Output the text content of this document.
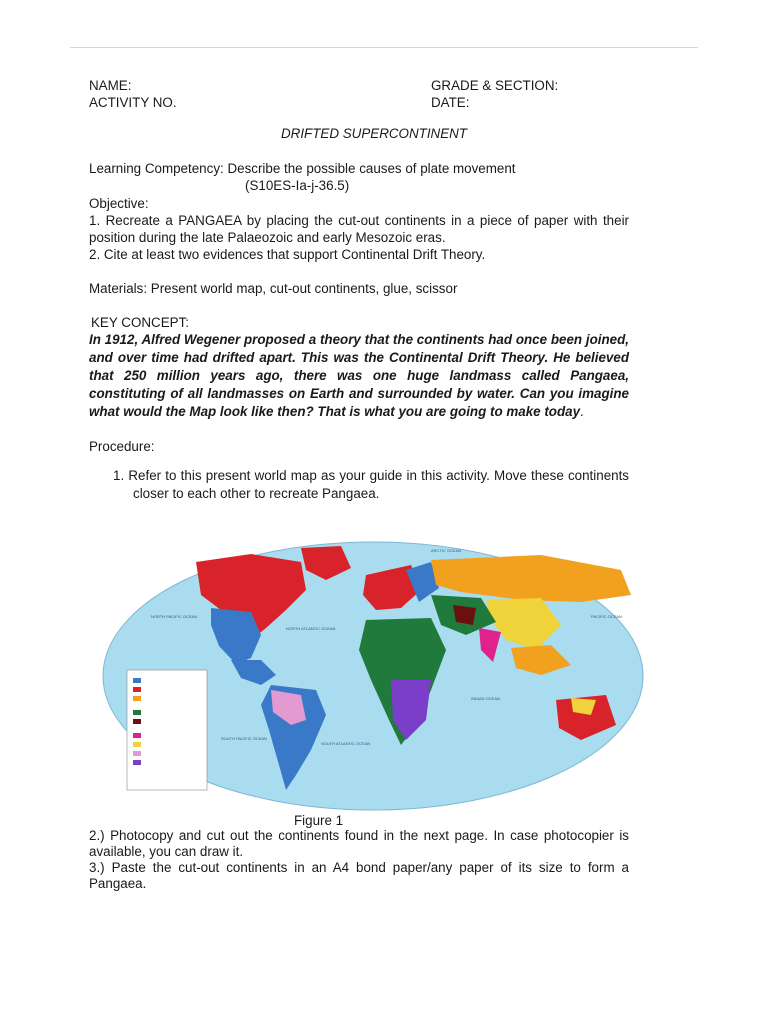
NAME:
ACTIVITY NO.
GRADE & SECTION:
DATE:
DRIFTED SUPERCONTINENT
Learning Competency: Describe the possible causes of plate movement
(S10ES-Ia-j-36.5)
Objective:
1. Recreate a PANGAEA by placing the cut-out continents in a piece of paper with their position during the late Palaeozoic and early Mesozoic eras.
2. Cite at least two evidences that support Continental Drift Theory.
Materials: Present world map, cut-out continents, glue, scissor
KEY CONCEPT:
In 1912, Alfred Wegener proposed a theory that the continents had once been joined, and over time had drifted apart. This was the Continental Drift Theory. He believed that 250 million years ago, there was one huge landmass called Pangaea, constituting of all landmasses on Earth and surrounded by water. Can you imagine what would the Map look like then? That is what you are going to make today.
Procedure:
1. Refer to this present world map as your guide in this activity. Move these continents closer to each other to recreate Pangaea.
NORTH PACIFIC OCEAN
NORTH ATLANTIC OCEAN
PACIFIC OCEAN
INDIAN OCEAN
SOUTH PACIFIC OCEAN
SOUTH ATLANTIC OCEAN
ARCTIC OCEAN
Figure 1
2.) Photocopy and cut out the continents found in the next page. In case photocopier is available, you can draw it.
3.) Paste the cut-out continents in an A4 bond paper/any paper of its size to form a Pangaea.
